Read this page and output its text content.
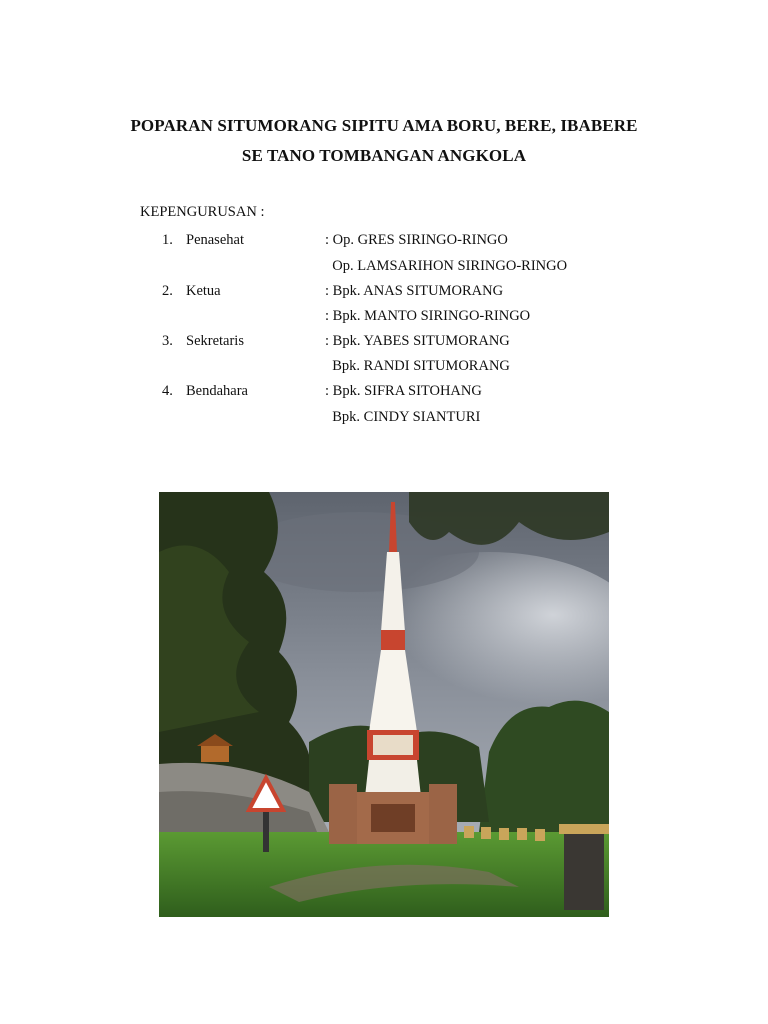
POPARAN SITUMORANG SIPITU AMA BORU, BERE, IBABERE
SE TANO TOMBANGAN ANGKOLA
KEPENGURUSAN :
1. Penasehat	: Op. GRES SIRINGO-RINGO
Op. LAMSARIHON SIRINGO-RINGO
2. Ketua	: Bpk. ANAS SITUMORANG
: Bpk. MANTO SIRINGO-RINGO
3. Sekretaris	: Bpk. YABES SITUMORANG
Bpk. RANDI SITUMORANG
4. Bendahara	: Bpk. SIFRA SITOHANG
Bpk. CINDY SIANTURI
